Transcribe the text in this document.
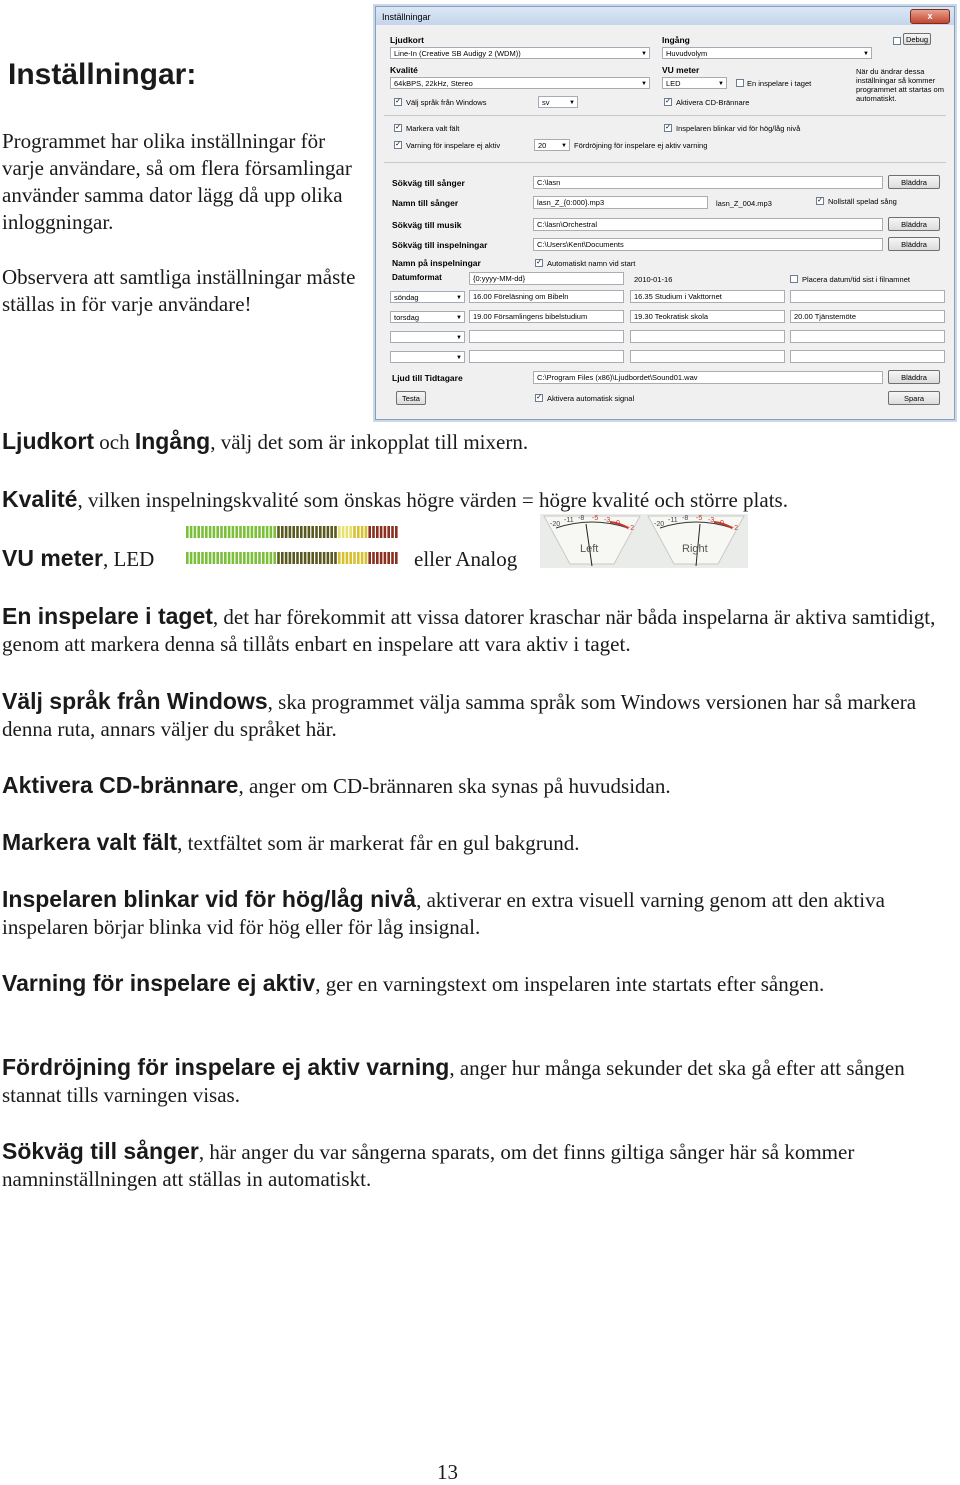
Inställningar:
Programmet har olika inställningar för varje användare, så om flera församlingar använder samma dator lägg då upp olika inloggningar.
Observera att samtliga inställningar måste ställas in för varje användare!
Inställningar	x
Ljudkort
Line-In (Creative SB Audigy 2 (WDM))	▼
Ingång
Huvudvolym	▼
Debug
Kvalité
64kBPS, 22kHz, Stereo	▼
VU meter
LED	▼	En inspelare i taget
När du ändrar dessa inställningar så kommer programmet att startas om automatiskt.
✓ Välj språk från Windows	sv	▼	✓ Aktivera CD-Brännare
✓ Markera valt fält	✓ Inspelaren blinkar vid för hög/låg nivå
✓ Varning för inspelare ej aktiv	20 ▼ Fördröjning för inspelare ej aktiv varning
Sökväg till sånger	C:\lasn	Bläddra
Namn till sånger	lasn_Z_{0:000}.mp3	lasn_Z_004.mp3	✓ Nollställ spelad sång
Sökväg till musik	C:\lasn\Orchestral	Bläddra
Sökväg till inspelningar	C:\Users\Kent\Documents	Bläddra
Namn på inspelningar	✓ Automatiskt namn vid start
Datumformat	{0:yyyy-MM-dd}	2010-01-16	Placera datum/tid sist i filnamnet
söndag	▼	16.00 Föreläsning om Bibeln	16.35 Studium i Vakttornet
torsdag	▼	19.00 Församlingens bibelstudium	19.30 Teokratisk skola	20.00 Tjänstemöte
▼
▼
Ljud till Tidtagare	C:\Program Files (x86)\Ljudbordet\Sound01.wav	Bläddra
Testa	✓ Aktivera automatisk signal	Spara
Ljudkort och Ingång, välj det som är inkopplat till mixern.
Kvalité, vilken inspelningskvalité som önskas högre värden = högre kvalité och större plats.
VU meter, LED	eller Analog
-20
-11 -8 -5 -3 0
+2
Left
-20
-11 -8 -5 -3 0
+2
Right
En inspelare i taget, det har förekommit att vissa datorer kraschar när båda inspelarna är aktiva samtidigt, genom att markera denna så tillåts enbart en inspelare att vara aktiv i taget.
Välj språk från Windows, ska programmet välja samma språk som Windows versionen har så markera denna ruta, annars väljer du språket här.
Aktivera CD-brännare, anger om CD-brännaren ska synas på huvudsidan.
Markera valt fält, textfältet som är markerat får en gul bakgrund.
Inspelaren blinkar vid för hög/låg nivå, aktiverar en extra visuell varning genom att den aktiva inspelaren börjar blinka vid för hög eller för låg insignal.
Varning för inspelare ej aktiv, ger en varningstext om inspelaren inte startats efter sången.
Fördröjning för inspelare ej aktiv varning, anger hur många sekunder det ska gå efter att sången stannat tills varningen visas.
Sökväg till sånger, här anger du var sångerna sparats, om det finns giltiga sånger här så kommer namninställningen att ställas in automatiskt.
13
